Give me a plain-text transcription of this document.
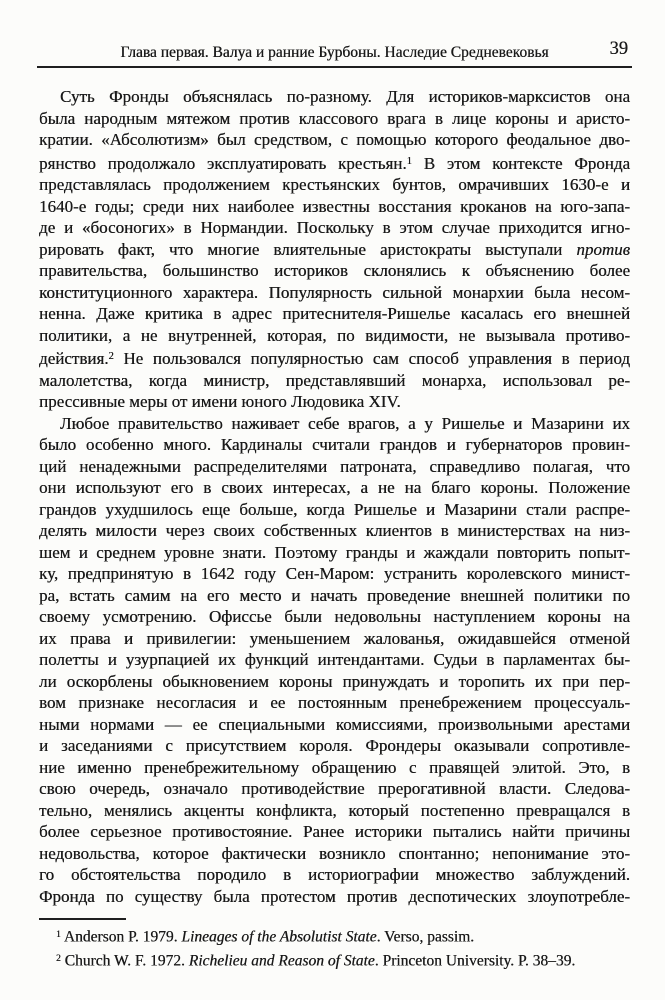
Глава первая. Валуа и ранние Бурбоны. Наследие Средневековья	39
Суть Фронды объяснялась по-разному. Для историков-марксистов она
была народным мятежом против классового врага в лице короны и аристо-
кратии. «Абсолютизм» был средством, с помощью которого феодальное дво-
рянство продолжало эксплуатировать крестьян.$^1$ В этом контексте Фронда
представлялась продолжением крестьянских бунтов, омрачивших 1630-е и
1640-е годы; среди них наиболее известны восстания кроканов на юго-запа-
де и «босоногих» в Нормандии. Поскольку в этом случае приходится игно-
рировать факт, что многие влиятельные аристократы выступали против
правительства, большинство историков склонялись к объяснению более
конституционного характера. Популярность сильной монархии была несом-
ненна. Даже критика в адрес притеснителя-Ришелье касалась его внешней
политики, а не внутренней, которая, по видимости, не вызывала противо-
действия.$^2$ Не пользовался популярностью сам способ управления в период
малолетства, когда министр, представлявший монарха, использовал ре-
прессивные меры от имени юного Людовика XIV.
Любое правительство наживает себе врагов, а у Ришелье и Мазарини их
было особенно много. Кардиналы считали грандов и губернаторов провин-
ций ненадежными распределителями патроната, справедливо полагая, что
они используют его в своих интересах, а не на благо короны. Положение
грандов ухудшилось еще больше, когда Ришелье и Мазарини стали распре-
делять милости через своих собственных клиентов в министерствах на низ-
шем и среднем уровне знати. Поэтому гранды и жаждали повторить попыт-
ку, предпринятую в 1642 году Сен-Маром: устранить королевского минист-
ра, встать самим на его место и начать проведение внешней политики по
своему усмотрению. Офиссье были недовольны наступлением короны на
их права и привилегии: уменьшением жалованья, ожидавшейся отменой
полетты и узурпацией их функций интендантами. Судьи в парламентах бы-
ли оскорблены обыкновением короны принуждать и торопить их при пер-
вом признаке несогласия и ее постоянным пренебрежением процессуаль-
ными нормами — ее специальными комиссиями, произвольными арестами
и заседаниями с присутствием короля. Фрондеры оказывали сопротивле-
ние именно пренебрежительному обращению с правящей элитой. Это, в
свою очередь, означало противодействие прерогативной власти. Следова-
тельно, менялись акценты конфликта, который постепенно превращался в
более серьезное противостояние. Ранее историки пытались найти причины
недовольства, которое фактически возникло спонтанно; непонимание это-
го обстоятельства породило в историографии множество заблуждений.
Фронда по существу была протестом против деспотических злоупотребле-
$^1$ Anderson P. 1979. Lineages of the Absolutist State. Verso, passim.
$^2$ Church W. F. 1972. Richelieu and Reason of State. Princeton University. P. 38–39.
